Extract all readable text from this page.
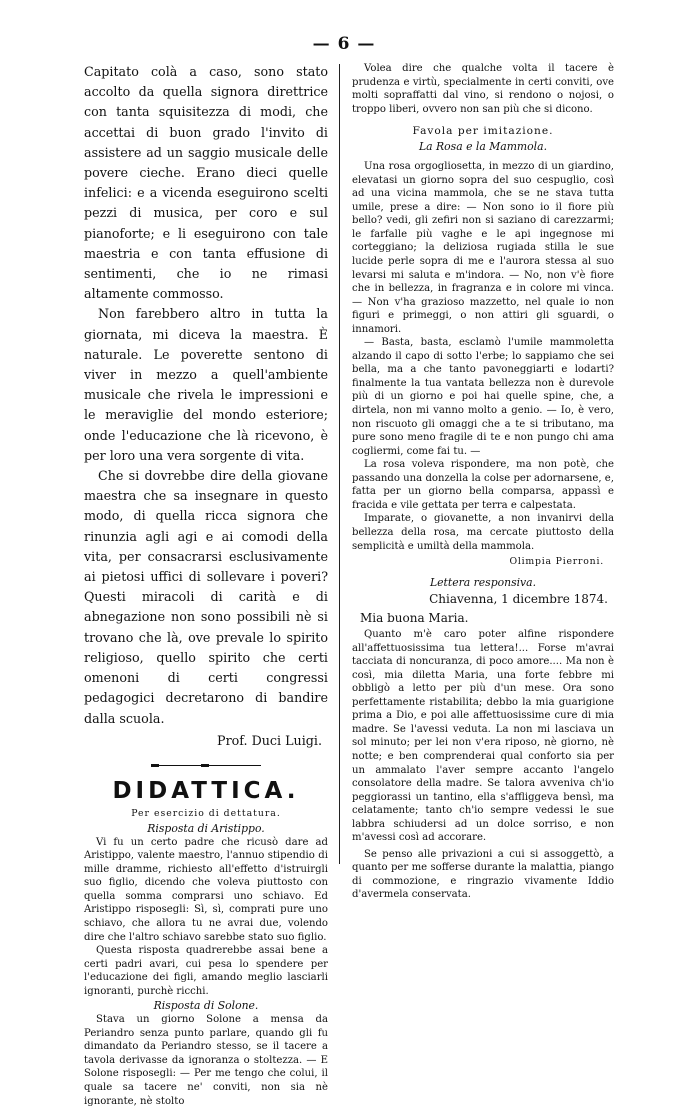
— 6 —

Capitato colà a caso, sono stato accolto da quella signora direttrice con tanta squisitezza di modi, che accettai di buon grado l'invito di assistere ad un saggio musicale delle povere cieche. Erano dieci quelle infelici: e a vicenda eseguirono scelti pezzi di musica, per coro e sul pianoforte; e li eseguirono con tale maestria e con tanta effusione di sentimenti, che io ne rimasi altamente commosso.

Non farebbero altro in tutta la giornata, mi diceva la maestra. È naturale. Le poverette sentono di viver in mezzo a quell'ambiente musicale che rivela le impressioni e le meraviglie del mondo esteriore; onde l'educazione che là ricevono, è per loro una vera sorgente di vita.

Che si dovrebbe dire della giovane maestra che sa insegnare in questo modo, di quella ricca signora che rinunzia agli agi e ai comodi della vita, per consacrarsi esclusivamente ai pietosi uffici di sollevare i poveri? Questi miracoli di carità e di abnegazione non sono possibili nè si trovano che là, ove prevale lo spirito religioso, quello spirito che certi omenoni di certi congressi pedagogici decretarono di bandire dalla scuola.

Prof. Duci Luigi.

DIDATTICA.

Per esercizio di dettatura.

Risposta di Aristippo.

Vi fu un certo padre che ricusò dare ad Aristippo, valente maestro, l'annuo stipendio di mille dramme, richiesto all'effetto d'istruirgli suo figlio, dicendo che voleva piuttosto con quella somma comprarsi uno schiavo. Ed Aristippo risposegli: Sì, sì, comprati pure uno schiavo, che allora tu ne avrai due, volendo dire che l'altro schiavo sarebbe stato suo figlio.

Questa risposta quadrerebbe assai bene a certi padri avari, cui pesa lo spendere per l'educazione dei figli, amando meglio lasciarli ignoranti, purchè ricchi.

Risposta di Solone.

Stava un giorno Solone a mensa da Periandro senza punto parlare, quando gli fu dimandato da Periandro stesso, se il tacere a tavola derivasse da ignoranza o stoltezza. — E Solone risposegli: — Per me tengo che colui, il quale sa tacere ne' conviti, non sia nè ignorante, nè stolto

Volea dire che qualche volta il tacere è prudenza e virtù, specialmente in certi conviti, ove molti sopraffatti dal vino, si rendono o nojosi, o troppo liberi, ovvero non san più che si dicono.

Favola per imitazione.

La Rosa e la Mammola.

Una rosa orgogliosetta, in mezzo di un giardino, elevatasi un giorno sopra del suo cespuglio, così ad una vicina mammola, che se ne stava tutta umile, prese a dire: — Non sono io il fiore più bello? vedi, gli zefiri non si saziano di carezzarmi; le farfalle più vaghe e le api ingegnose mi corteggiano; la deliziosa rugiada stilla le sue lucide perle sopra di me e l'aurora stessa al suo levarsi mi saluta e m'indora. — No, non v'è fiore che in bellezza, in fragranza e in colore mi vinca. — Non v'ha grazioso mazzetto, nel quale io non figuri e primeggi, o non attiri gli sguardi, o innamori.

— Basta, basta, esclamò l'umile mammoletta alzando il capo di sotto l'erbe; lo sappiamo che sei bella, ma a che tanto pavoneggiarti e lodarti? finalmente la tua vantata bellezza non è durevole più di un giorno e poi hai quelle spine, che, a dirtela, non mi vanno molto a genio. — Io, è vero, non riscuoto gli omaggi che a te si tributano, ma pure sono meno fragile di te e non pungo chi ama cogliermi, come fai tu. —

La rosa voleva rispondere, ma non potè, che passando una donzella la colse per adornarsene, e, fatta per un giorno bella comparsa, appassì e fracida e vile gettata per terra e calpestata.

Imparate, o giovanette, a non invanirvi della bellezza della rosa, ma cercate piuttosto della semplicità e umiltà della mammola.

Olimpia Pierroni.

Lettera responsiva.

Chiavenna, 1 dicembre 1874.

Mia buona Maria.

Quanto m'è caro poter alfine rispondere all'affettuosissima tua lettera!... Forse m'avrai tacciata di noncuranza, di poco amore.... Ma non è così, mia diletta Maria, una forte febbre mi obbligò a letto per più d'un mese. Ora sono perfettamente ristabilita; debbo la mia guarigione prima a Dio, e poi alle affettuosissime cure di mia madre. Se l'avessi veduta. La non mi lasciava un sol minuto; per lei non v'era riposo, nè giorno, nè notte; e ben comprenderai qual conforto sia per un ammalato l'aver sempre accanto l'angelo consolatore della madre. Se talora avveniva ch'io peggiorassi un tantino, ella s'affliggeva bensì, ma celatamente; tanto ch'io sempre vedessi le sue labbra schiudersi ad un dolce sorriso, e non m'avessi così ad accorare.

Se penso alle privazioni a cui si assoggettò, a quanto per me sofferse durante la malattia, piango di commozione, e ringrazio vivamente Iddio d'avermela conservata.
